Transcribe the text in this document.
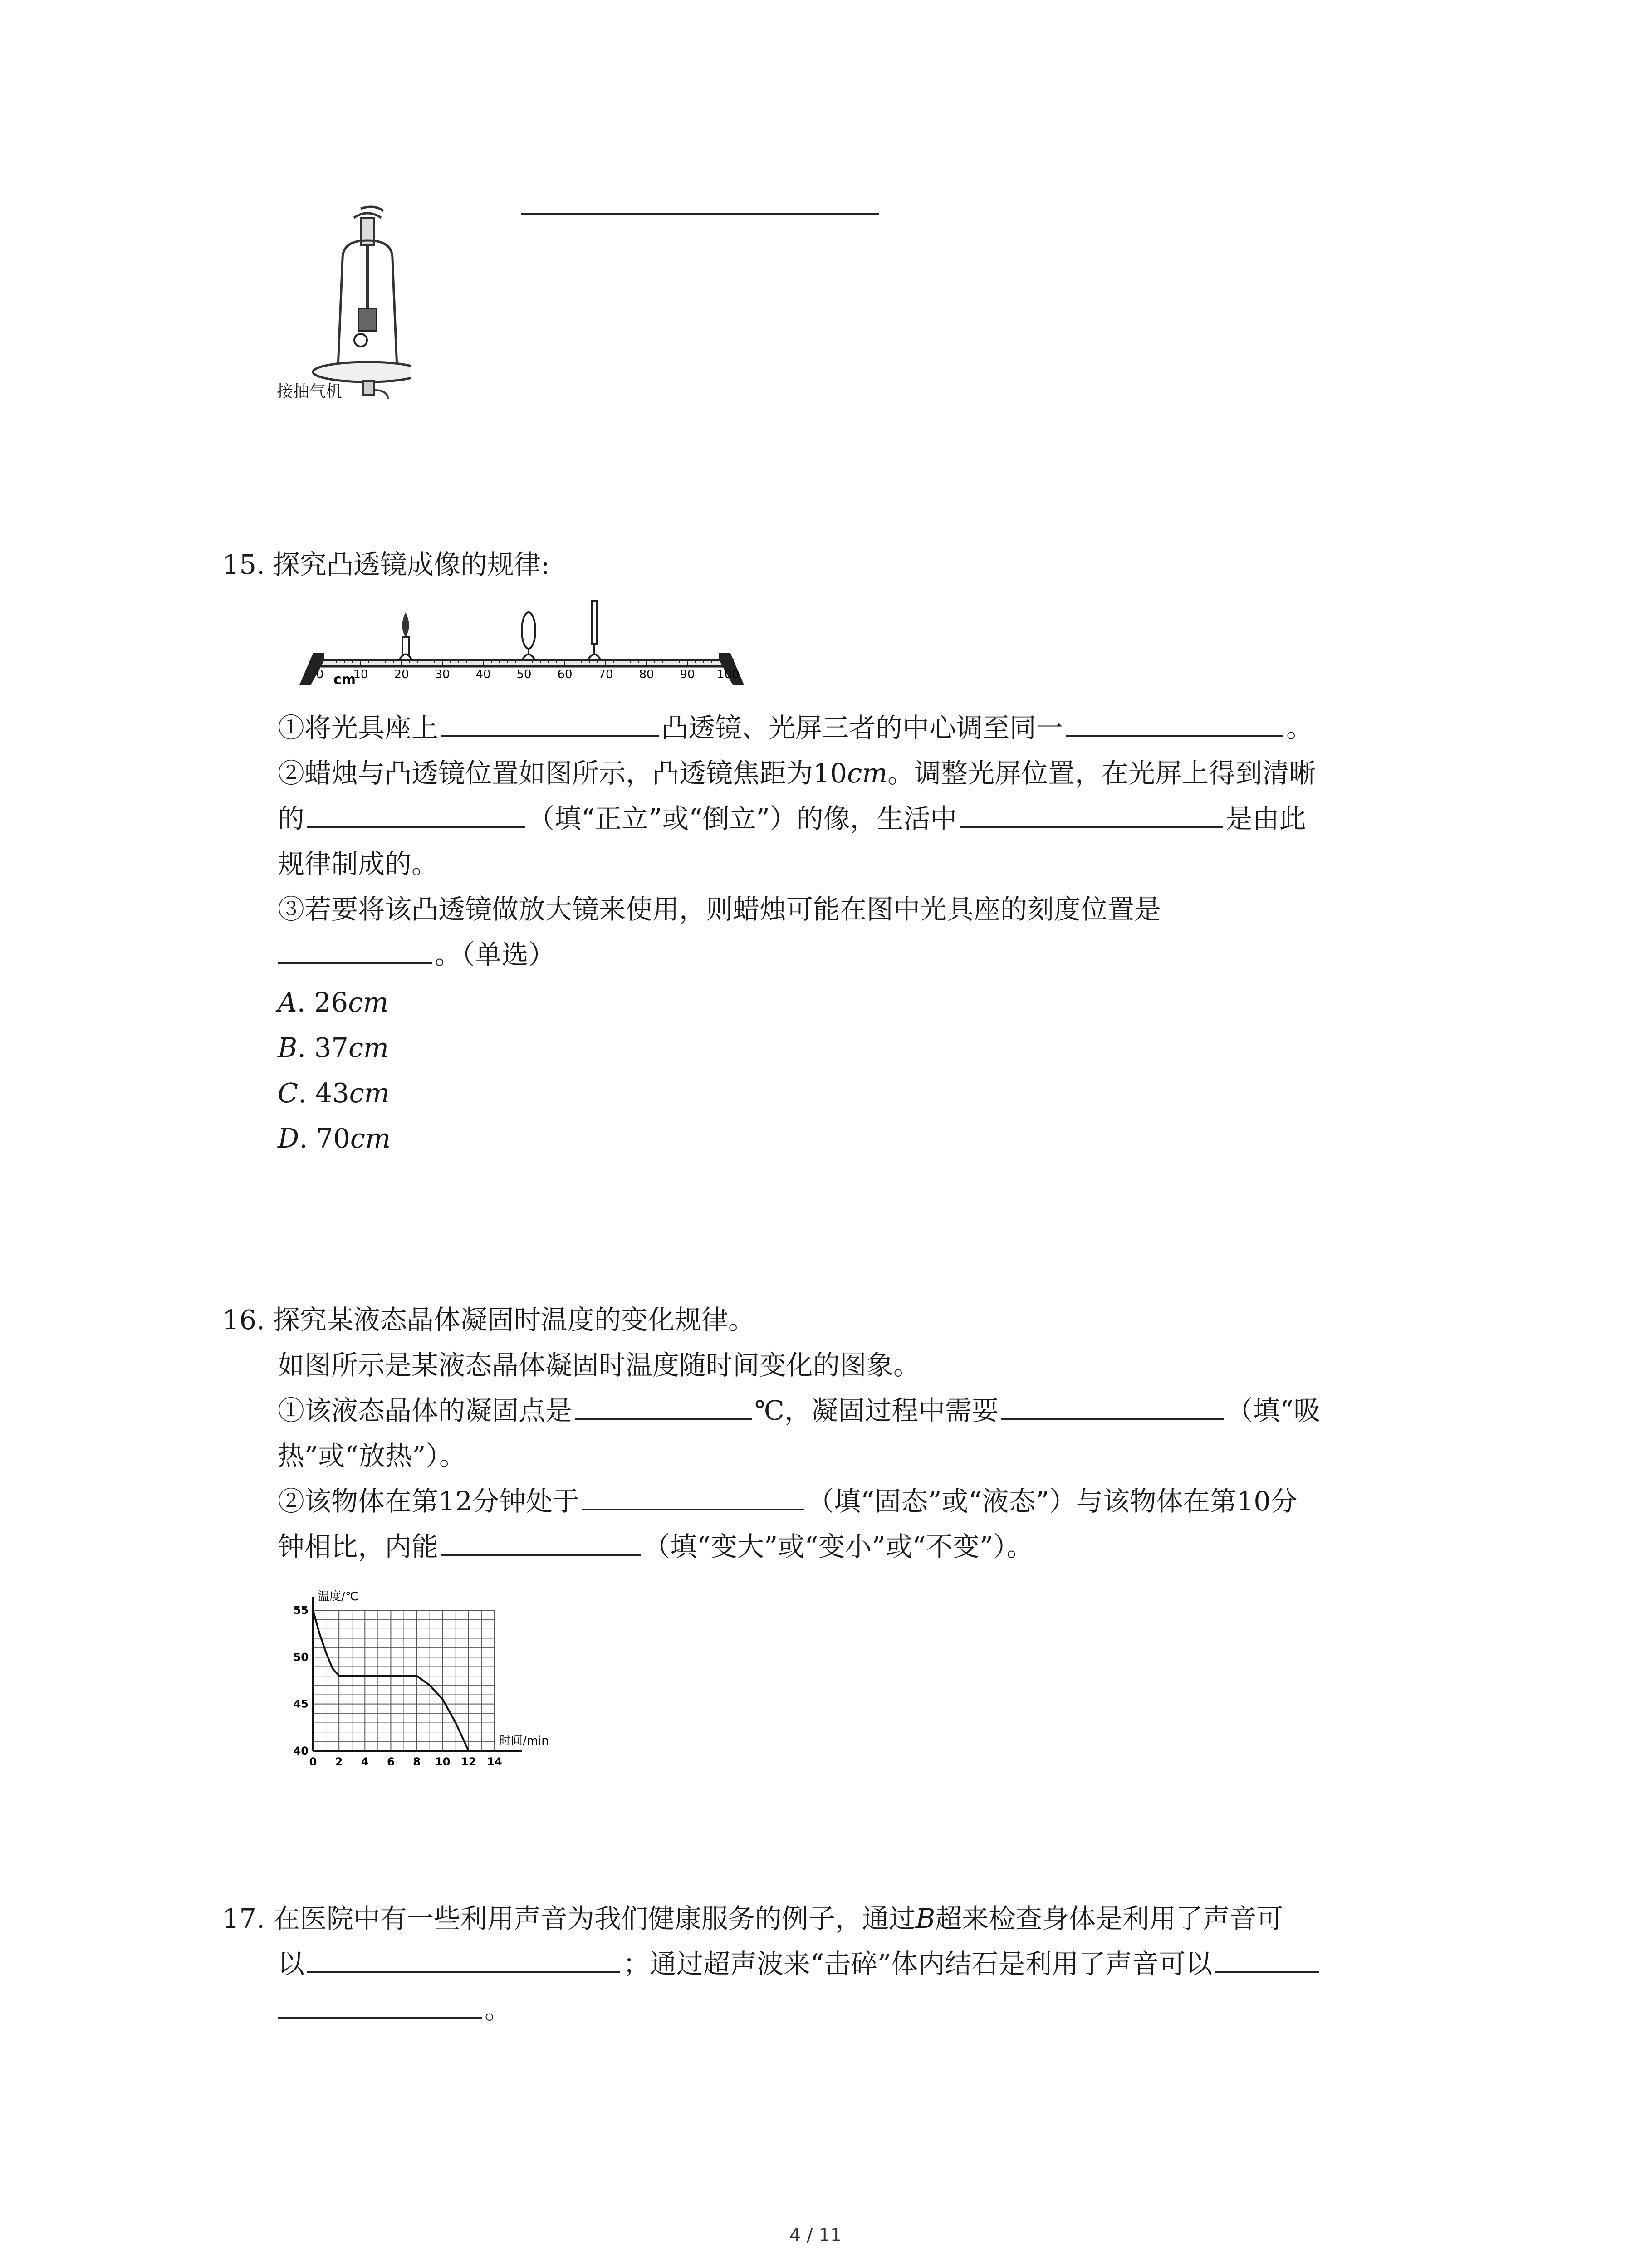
接抽气机
15. 探究凸透镜成像的规律:
10 20 30 40 50 60 70 80 90 100
0 cm
①将光具座上	凸透镜、光屏三者的中心调至同一	。
②蜡烛与凸透镜位置如图所示，凸透镜焦距为10cm。调整光屏位置，在光屏上得到清晰
的	（填“正立”或“倒立”）的像，生活中	是由此
规律制成的。
③若要将该凸透镜做放大镜来使用，则蜡烛可能在图中光具座的刻度位置是
。（单选）
A. 26cm
B. 37cm
C. 43cm
D. 70cm
16. 探究某液态晶体凝固时温度的变化规律。
如图所示是某液态晶体凝固时温度随时间变化的图象。
①该液态晶体的凝固点是	℃，凝固过程中需要	（填“吸
热”或“放热”）。
②该物体在第12分钟处于	（填“固态”或“液态”）与该物体在第10分
钟相比，内能	（填“变大”或“变小”或“不变”）。
0 2 4 6 8 10 12 14
40
45
50
55
温度/℃
时间/min
17. 在医院中有一些利用声音为我们健康服务的例子，通过B超来检查身体是利用了声音可
以	；通过超声波来“击碎”体内结石是利用了声音可以
。
4 / 11
